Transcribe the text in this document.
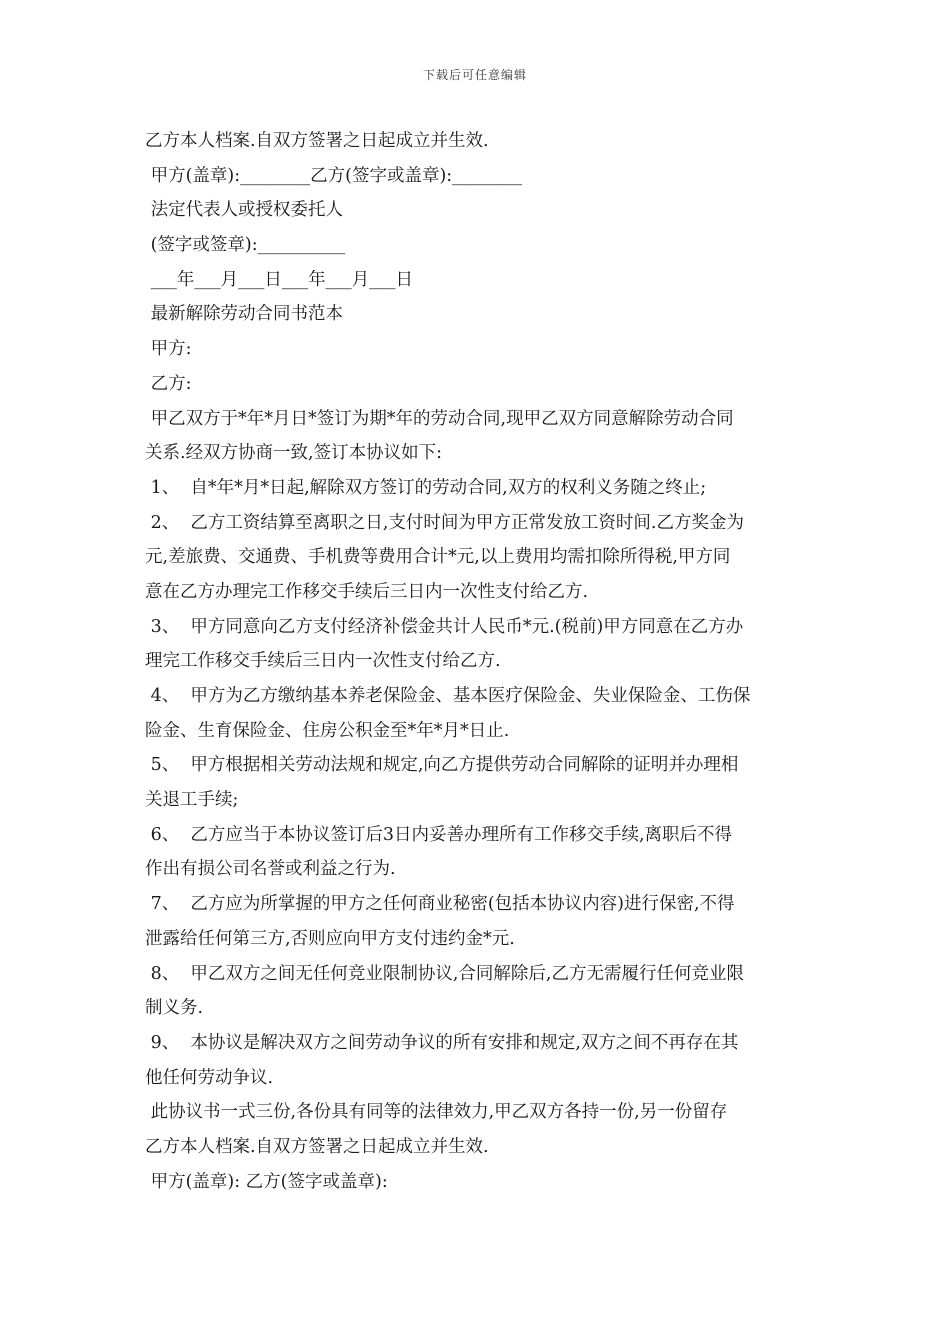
下载后可任意编辑
乙方本人档案.自双方签署之日起成立并生效.
甲方(盖章):________乙方(签字或盖章):________
法定代表人或授权委托人
(签字或签章):__________
___年___月___日___年___月___日
最新解除劳动合同书范本
甲方:
乙方:
甲乙双方于*年*月日*签订为期*年的劳动合同,现甲乙双方同意解除劳动合同
关系.经双方协商一致,签订本协议如下:
1、  自*年*月*日起,解除双方签订的劳动合同,双方的权利义务随之终止;
2、  乙方工资结算至离职之日,支付时间为甲方正常发放工资时间.乙方奖金为
元,差旅费、交通费、手机费等费用合计*元,以上费用均需扣除所得税,甲方同
意在乙方办理完工作移交手续后三日内一次性支付给乙方.
3、  甲方同意向乙方支付经济补偿金共计人民币*元.(税前)甲方同意在乙方办
理完工作移交手续后三日内一次性支付给乙方.
4、  甲方为乙方缴纳基本养老保险金、基本医疗保险金、失业保险金、工伤保
险金、生育保险金、住房公积金至*年*月*日止.
5、  甲方根据相关劳动法规和规定,向乙方提供劳动合同解除的证明并办理相
关退工手续;
6、  乙方应当于本协议签订后3日内妥善办理所有工作移交手续,离职后不得
作出有损公司名誉或利益之行为.
7、  乙方应为所掌握的甲方之任何商业秘密(包括本协议内容)进行保密,不得
泄露给任何第三方,否则应向甲方支付违约金*元.
8、  甲乙双方之间无任何竞业限制协议,合同解除后,乙方无需履行任何竞业限
制义务.
9、  本协议是解决双方之间劳动争议的所有安排和规定,双方之间不再存在其
他任何劳动争议.
此协议书一式三份,各份具有同等的法律效力,甲乙双方各持一份,另一份留存
乙方本人档案.自双方签署之日起成立并生效.
甲方(盖章): 乙方(签字或盖章):
